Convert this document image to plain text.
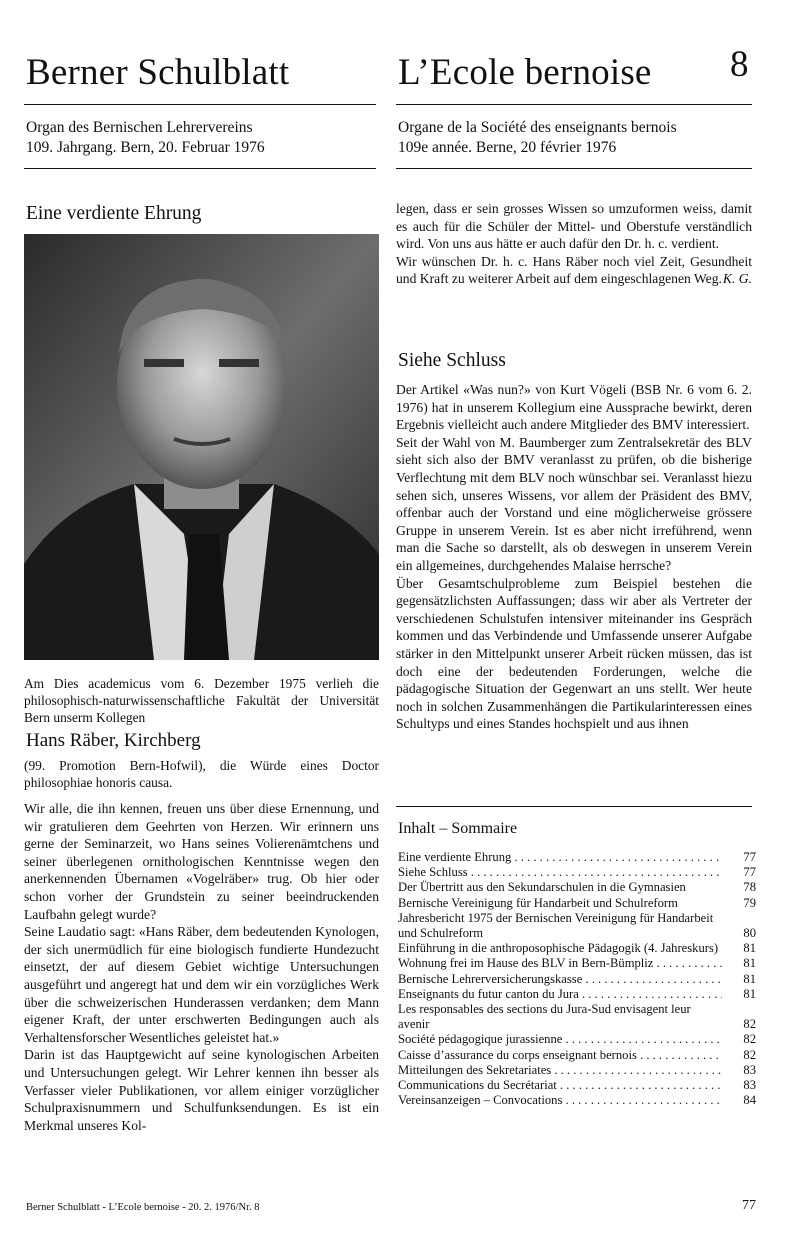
Berner Schulblatt	L’Ecole bernoise 8
Organ des Bernischen Lehrervereins
109. Jahrgang. Bern, 20. Februar 1976
Organe de la Société des enseignants bernois
109e année. Berne, 20 février 1976
Eine verdiente Ehrung
Am Dies academicus vom 6. Dezember 1975 verlieh die philosophisch-naturwissenschaftliche Fakultät der Universität Bern unserm Kollegen
Hans Räber, Kirchberg
(99. Promotion Bern-Hofwil), die Würde eines Doctor philosophiae honoris causa.

Wir alle, die ihn kennen, freuen uns über diese Ernennung, und wir gratulieren dem Geehrten von Herzen. Wir erinnern uns gerne der Seminarzeit, wo Hans seines Volierenämtchens und seiner überlegenen ornithologischen Kenntnisse wegen den anerkennenden Übernamen «Vogelräber» trug. Ob hier oder schon vorher der Grundstein zu seiner beeindruckenden Laufbahn gelegt wurde?

Seine Laudatio sagt: «Hans Räber, dem bedeutenden Kynologen, der sich unermüdlich für eine biologisch fundierte Hundezucht einsetzt, der auf diesem Gebiet wichtige Untersuchungen ausgeführt und angeregt hat und dem wir ein vorzügliches Werk über die schweizerischen Hunderassen verdanken; dem Mann eigener Kraft, der unter erschwerten Bedingungen auch als Verhaltensforscher Wesentliches geleistet hat.»

Darin ist das Hauptgewicht auf seine kynologischen Arbeiten und Untersuchungen gelegt. Wir Lehrer kennen ihn besser als Verfasser vieler Publikationen, vor allem einiger vorzüglicher Schulpraxisnummern und Schulfunksendungen. Es ist ein Merkmal unseres Kol-

legen, dass er sein grosses Wissen so umzuformen weiss, damit es auch für die Schüler der Mittel- und Oberstufe verständlich wird. Von uns aus hätte er auch dafür den Dr. h. c. verdient.

Wir wünschen Dr. h. c. Hans Räber noch viel Zeit, Gesundheit und Kraft zu weiterer Arbeit auf dem eingeschlagenen Weg. K. G.
Siehe Schluss

Der Artikel «Was nun?» von Kurt Vögeli (BSB Nr. 6 vom 6. 2. 1976) hat in unserem Kollegium eine Aussprache bewirkt, deren Ergebnis vielleicht auch andere Mitglieder des BMV interessiert.

Seit der Wahl von M. Baumberger zum Zentralsekretär des BLV sieht sich also der BMV veranlasst zu prüfen, ob die bisherige Verflechtung mit dem BLV noch wünschbar sei. Veranlasst hiezu sehen sich, unseres Wissens, vor allem der Präsident des BMV, offenbar auch der Vorstand und eine möglicherweise grössere Gruppe in unserem Verein. Ist es aber nicht irreführend, wenn man die Sache so darstellt, als ob deswegen in unserem Verein ein allgemeines, durchgehendes Malaise herrsche?

Über Gesamtschulprobleme zum Beispiel bestehen die gegensätzlichsten Auffassungen; dass wir aber als Vertreter der verschiedenen Schulstufen intensiver miteinander ins Gespräch kommen und das Verbindende und Umfassende unserer Aufgabe stärker in den Mittelpunkt unserer Arbeit rücken müssen, das ist doch eine der bedeutenden Forderungen, welche die pädagogische Situation der Gegenwart an uns stellt. Wer heute noch in solchen Zusammenhängen die Partikularinteressen eines Schultyps und eines Standes hochspielt und aus ihnen

Inhalt – Sommaire
Eine verdiente Ehrung . . .	77
Siehe Schluss . . .	77
Der Übertritt aus den Sekundarschulen in die Gymnasien	78
Bernische Vereinigung für Handarbeit und Schulreform	79
Jahresbericht 1975 der Bernischen Vereinigung für Handarbeit und Schulreform	80
Einführung in die anthroposophische Pädagogik (4. Jahreskurs)	81
Wohnung frei im Hause des BLV in Bern-Bümpliz . . .	81
Bernische Lehrerversicherungskasse . . .	81
Enseignants du futur canton du Jura . . .	81
Les responsables des sections du Jura-Sud envisagent leur avenir	82
Société pédagogique jurassienne . . .	82
Caisse d’assurance du corps enseignant bernois . . .	82
Mitteilungen des Sekretariates . . .	83
Communications du Secrétariat . . .	83
Vereinsanzeigen – Convocations . . .	84
Berner Schulblatt - L’Ecole bernoise - 20. 2. 1976/Nr. 8	77
